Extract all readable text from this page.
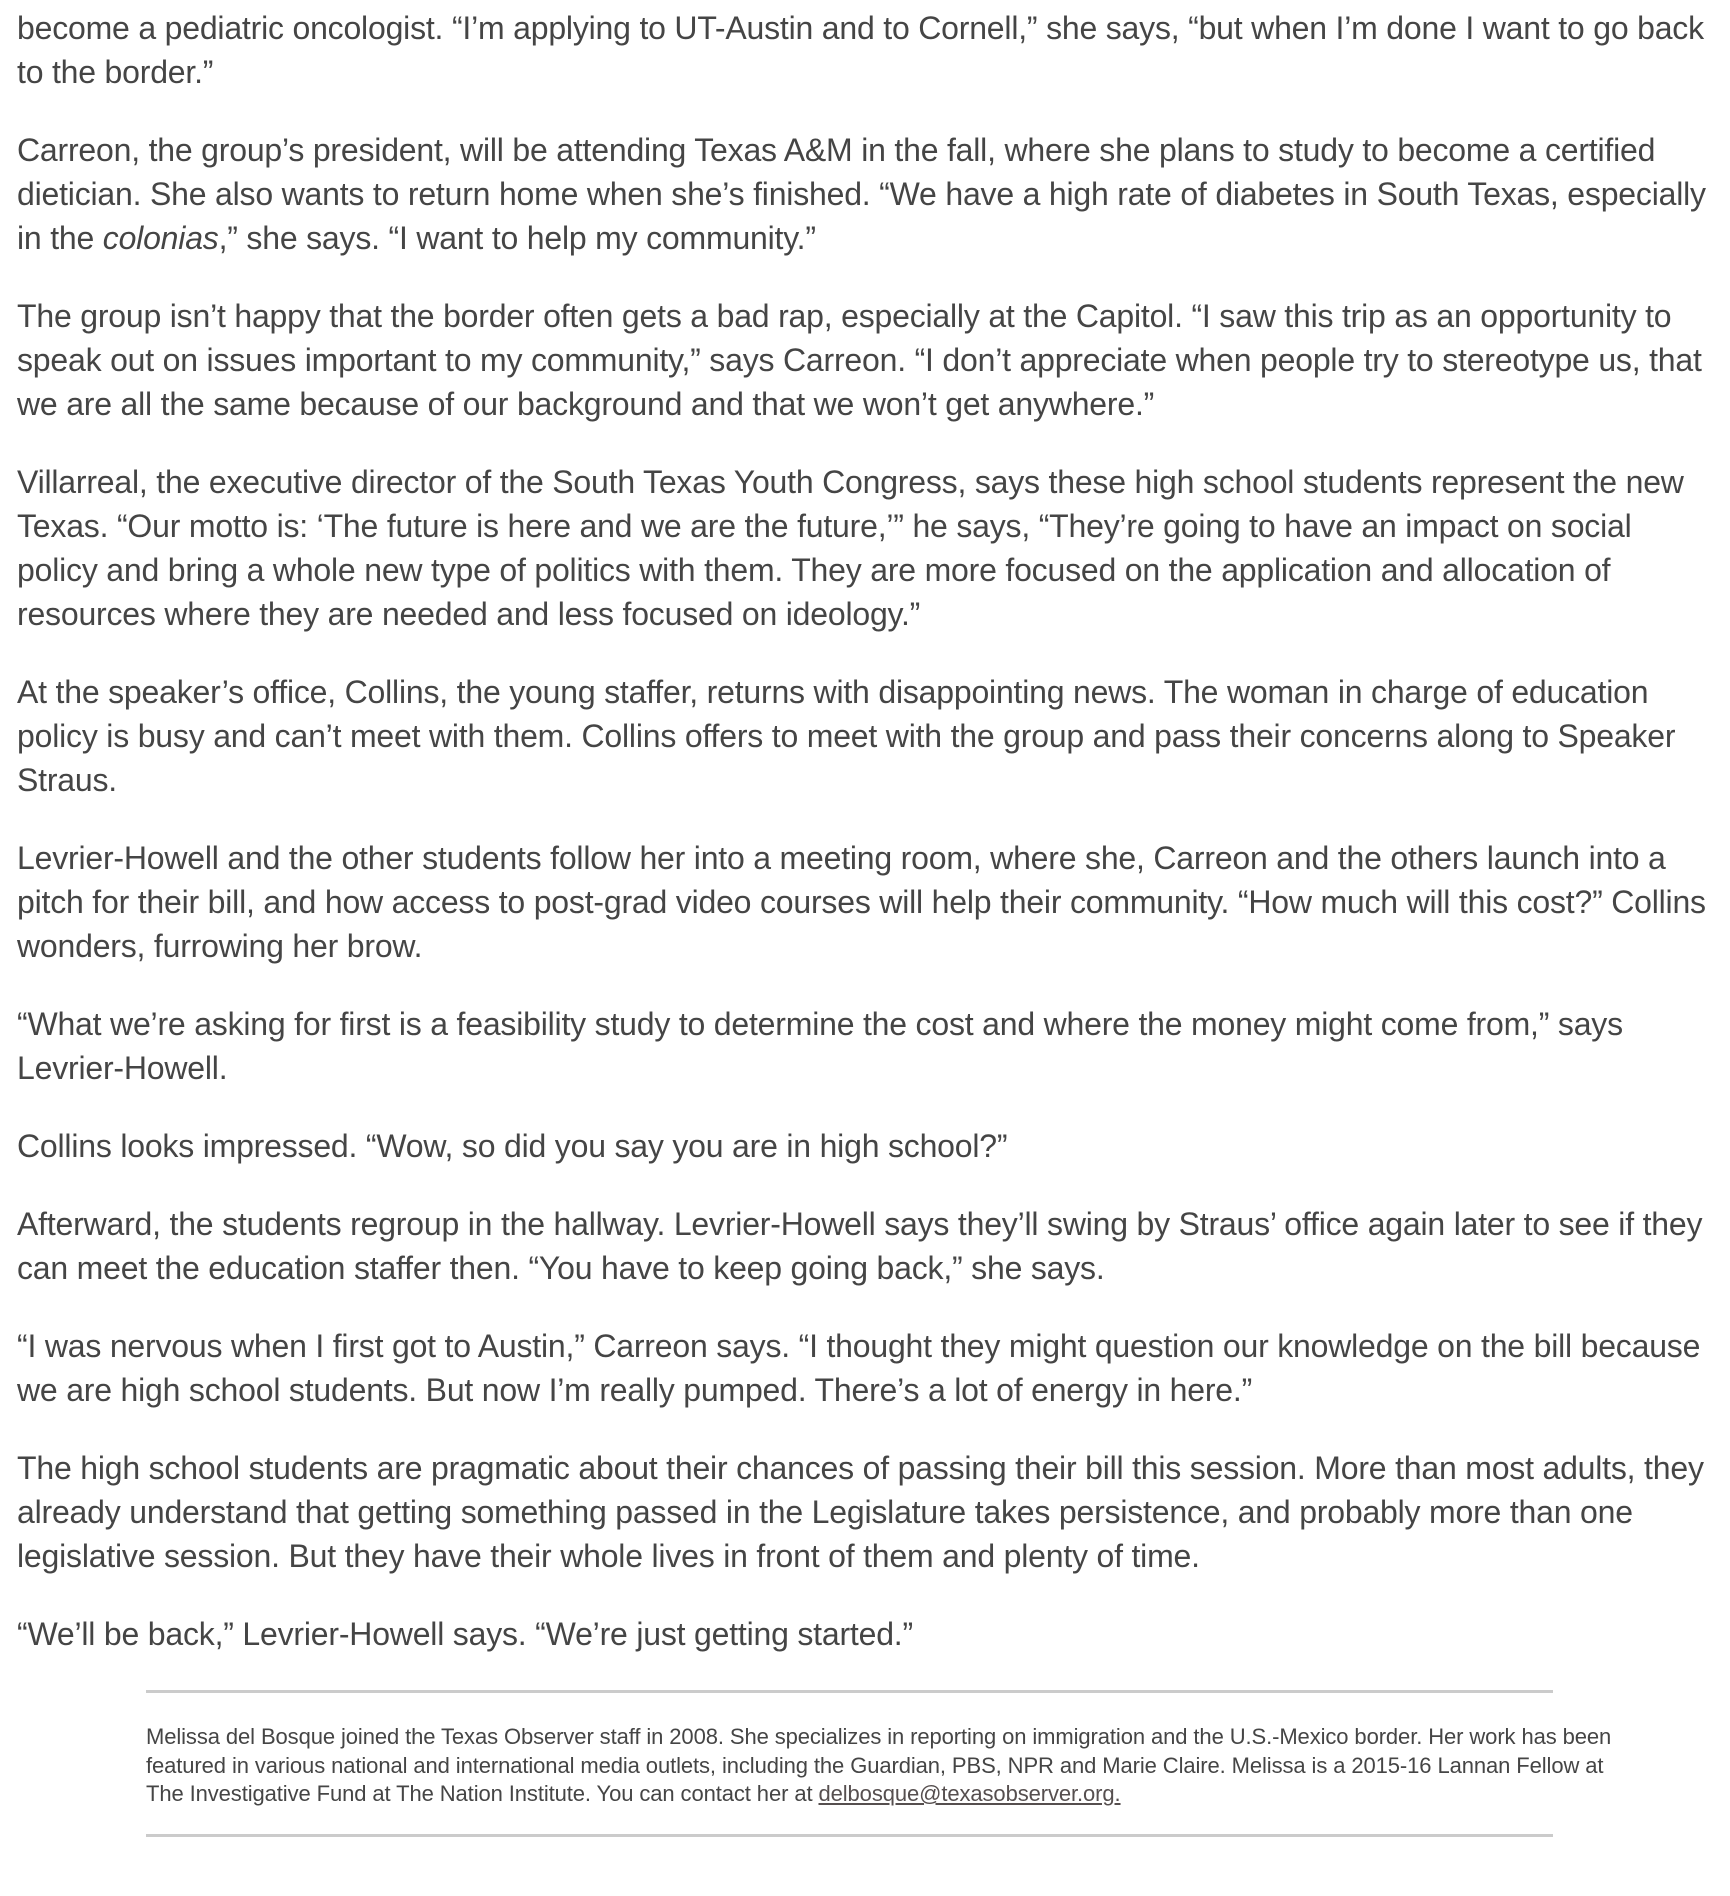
become a pediatric oncologist. “I’m applying to UT-Austin and to Cornell,” she says, “but when I’m done I want to go back to the border.”

Carreon, the group’s president, will be attending Texas A&M in the fall, where she plans to study to become a certified dietician. She also wants to return home when she’s finished. “We have a high rate of diabetes in South Texas, especially in the colonias,” she says. “I want to help my community.”

The group isn’t happy that the border often gets a bad rap, especially at the Capitol. “I saw this trip as an opportunity to speak out on issues important to my community,” says Carreon. “I don’t appreciate when people try to stereotype us, that we are all the same because of our background and that we won’t get anywhere.”

Villarreal, the executive director of the South Texas Youth Congress, says these high school students represent the new Texas. “Our motto is: ‘The future is here and we are the future,’” he says, “They’re going to have an impact on social policy and bring a whole new type of politics with them. They are more focused on the application and allocation of resources where they are needed and less focused on ideology.”

At the speaker’s office, Collins, the young staffer, returns with disappointing news. The woman in charge of education policy is busy and can’t meet with them. Collins offers to meet with the group and pass their concerns along to Speaker Straus.

Levrier-Howell and the other students follow her into a meeting room, where she, Carreon and the others launch into a pitch for their bill, and how access to post-grad video courses will help their community. “How much will this cost?” Collins wonders, furrowing her brow.

“What we’re asking for first is a feasibility study to determine the cost and where the money might come from,” says Levrier-Howell.

Collins looks impressed. “Wow, so did you say you are in high school?”

Afterward, the students regroup in the hallway. Levrier-Howell says they’ll swing by Straus’ office again later to see if they can meet the education staffer then. “You have to keep going back,” she says.

“I was nervous when I first got to Austin,” Carreon says. “I thought they might question our knowledge on the bill because we are high school students. But now I’m really pumped. There’s a lot of energy in here.”

The high school students are pragmatic about their chances of passing their bill this session. More than most adults, they already understand that getting something passed in the Legislature takes persistence, and probably more than one legislative session. But they have their whole lives in front of them and plenty of time.

“We’ll be back,” Levrier-Howell says. “We’re just getting started.”

Melissa del Bosque joined the Texas Observer staff in 2008. She specializes in reporting on immigration and the U.S.-Mexico border. Her work has been featured in various national and international media outlets, including the Guardian, PBS, NPR and Marie Claire. Melissa is a 2015-16 Lannan Fellow at The Investigative Fund at The Nation Institute. You can contact her at delbosque@texasobserver.org.
